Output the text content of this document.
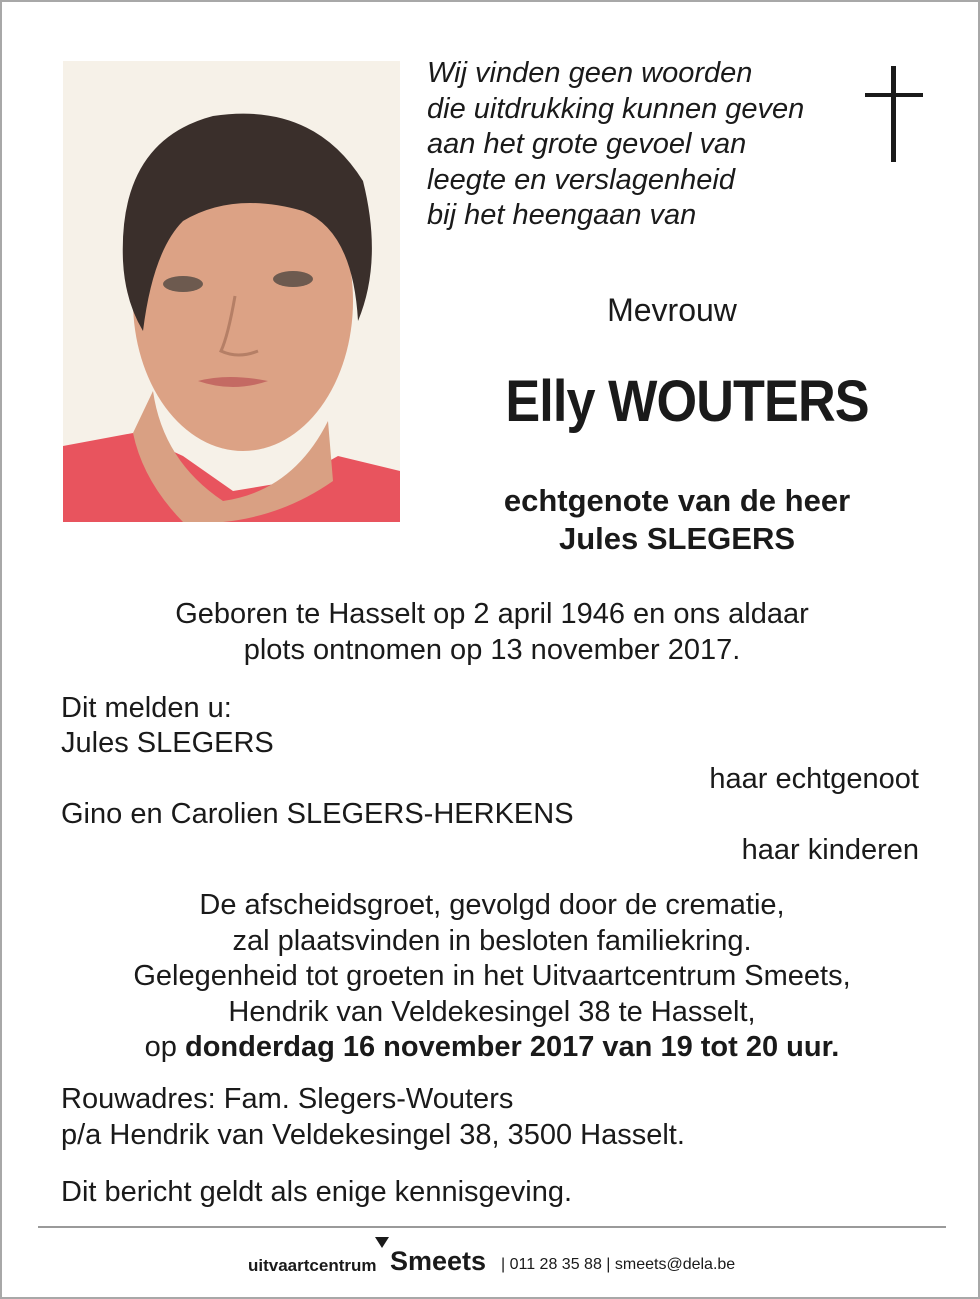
Wij vinden geen woorden
die uitdrukking kunnen geven
aan het grote gevoel van
leegte en verslagenheid
bij het heengaan van
Mevrouw
Elly WOUTERS
echtgenote van de heer
Jules SLEGERS
Geboren te Hasselt op 2 april 1946 en ons aldaar
plots ontnomen op 13 november 2017.
Dit melden u:
Jules SLEGERS
haar echtgenoot
Gino en Carolien SLEGERS-HERKENS
haar kinderen
De afscheidsgroet, gevolgd door de crematie,
zal plaatsvinden in besloten familiekring.
Gelegenheid tot groeten in het Uitvaartcentrum Smeets,
Hendrik van Veldekesingel 38 te Hasselt,
op donderdag 16 november 2017 van 19 tot 20 uur.
Rouwadres: Fam. Slegers-Wouters
p/a Hendrik van Veldekesingel 38, 3500 Hasselt.
Dit bericht geldt als enige kennisgeving.
uitvaartcentrum Smeets | 011 28 35 88 | smeets@dela.be
